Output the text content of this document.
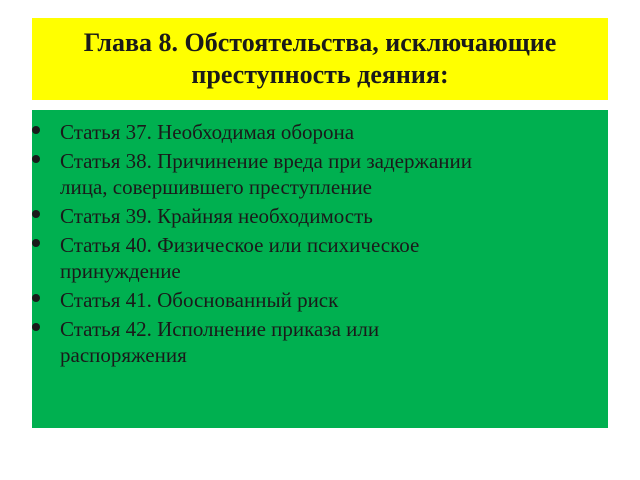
Глава 8. Обстоятельства, исключающие
преступность деяния:
Статья 37. Необходимая оборона
Статья 38. Причинение вреда при задержании
лица, совершившего преступление
Статья 39. Крайняя необходимость
Статья 40. Физическое или психическое
принуждение
Статья 41. Обоснованный риск
Статья 42. Исполнение приказа или
распоряжения
